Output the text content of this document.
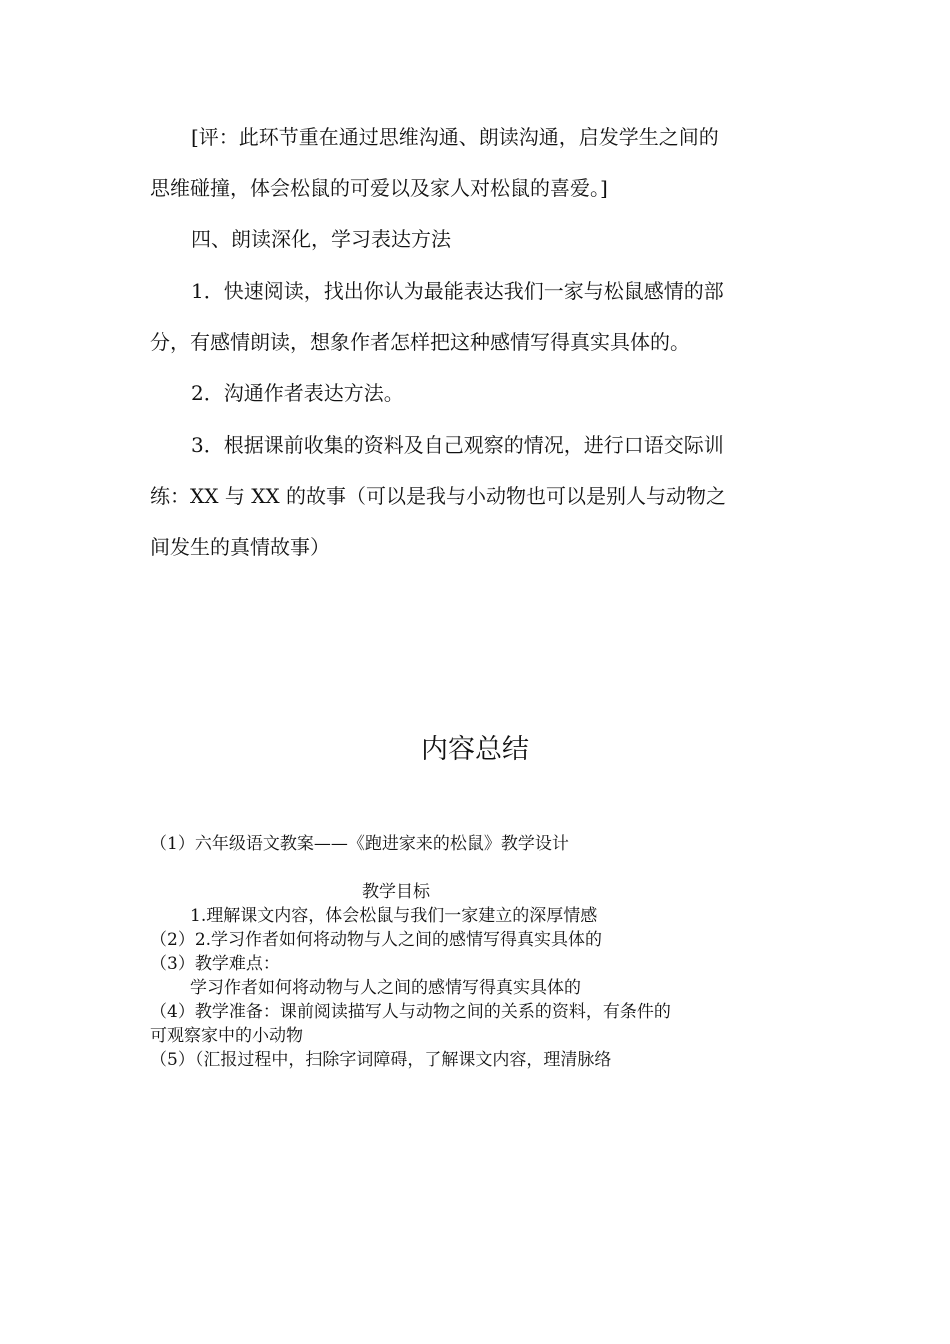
[评：此环节重在通过思维沟通、朗读沟通，启发学生之间的

思维碰撞，体会松鼠的可爱以及家人对松鼠的喜爱。]

四、朗读深化，学习表达方法

1．快速阅读，找出你认为最能表达我们一家与松鼠感情的部

分，有感情朗读，想象作者怎样把这种感情写得真实具体的。

2．沟通作者表达方法。

3．根据课前收集的资料及自己观察的情况，进行口语交际训

练：XX 与 XX 的故事（可以是我与小动物也可以是别人与动物之

间发生的真情故事）

内容总结
（1）六年级语文教案——《跑进家来的松鼠》教学设计
教学目标
1.理解课文内容，体会松鼠与我们一家建立的深厚情感
（2）2.学习作者如何将动物与人之间的感情写得真实具体的
（3）教学难点：
学习作者如何将动物与人之间的感情写得真实具体的
（4）教学准备：课前阅读描写人与动物之间的关系的资料，有条件的
可观察家中的小动物
（5）（汇报过程中，扫除字词障碍，了解课文内容，理清脉络
